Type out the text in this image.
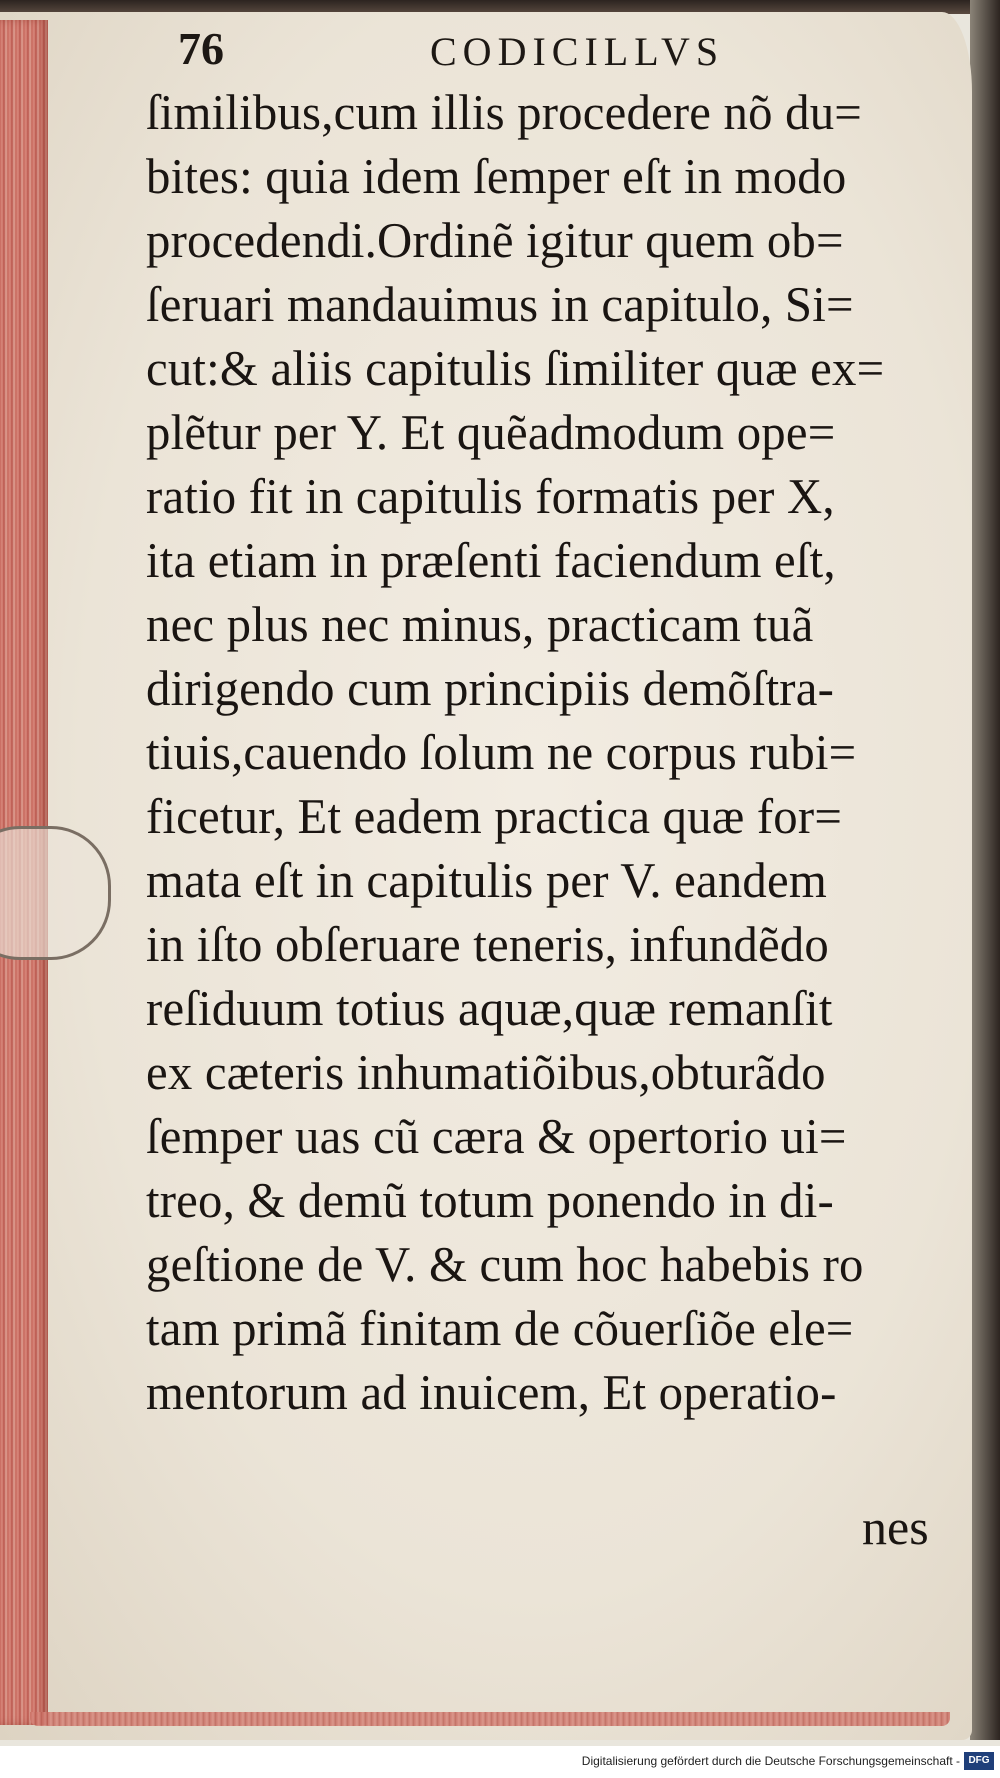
76	CODICILLVS
ſimilibus,cum illis procedere nõ du=
bites: quia idem ſemper eſt in modo
procedendi.Ordinẽ igitur quem ob=
ſeruari mandauimus in capitulo, Si=
cut:& aliis capitulis ſimiliter quæ ex=
plẽtur per Y. Et quẽadmodum ope=
ratio fit in capitulis formatis per X,
ita etiam in præſenti faciendum eſt,
nec plus nec minus, practicam tuã
dirigendo cum principiis demõſtra-
tiuis,cauendo ſolum ne corpus rubi=
ficetur, Et eadem practica quæ for=
mata eſt in capitulis per V. eandem
in iſto obſeruare teneris, infundẽdo
reſiduum totius aquæ,quæ remanſit
ex cæteris inhumatiõibus,obturãdo
ſemper uas cũ cæra & opertorio ui=
treo, & demũ totum ponendo in di-
geſtione de V. & cum hoc habebis ro
tam primã finitam de cõuerſiõe ele=
mentorum ad inuicem, Et operatio-
nes
Digitalisierung gefördert durch die Deutsche Forschungsgemeinschaft - DFG
